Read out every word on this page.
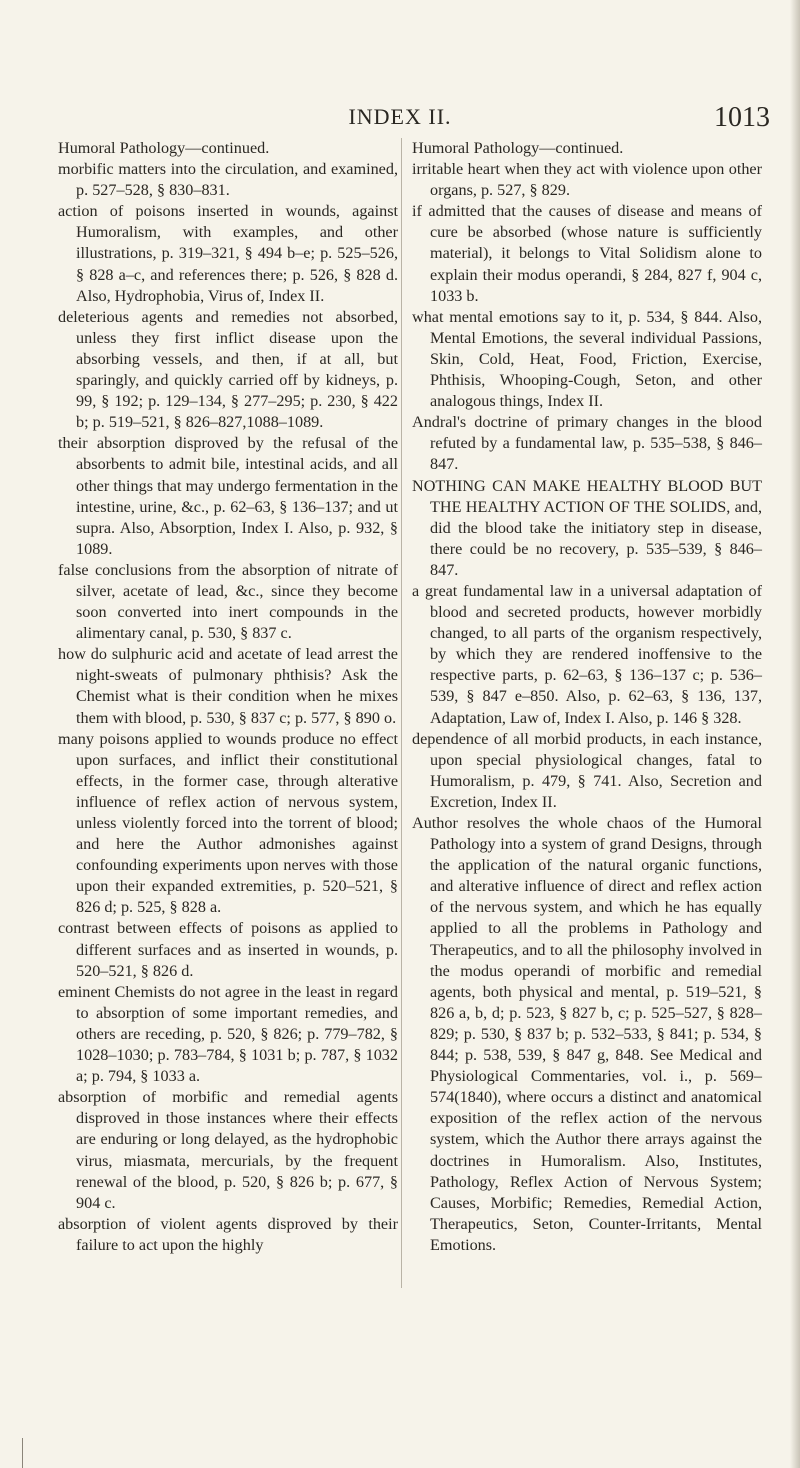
INDEX II.	1013

Humoral Pathology—continued.

morbific matters into the circulation, and examined, p. 527–528, § 830–831.

action of poisons inserted in wounds, against Humoralism, with examples, and other illustrations, p. 319–321, § 494 b–e; p. 525–526, § 828 a–c, and references there; p. 526, § 828 d. Also, Hydrophobia, Virus of, Index II.

deleterious agents and remedies not absorbed, unless they first inflict disease upon the absorbing vessels, and then, if at all, but sparingly, and quickly carried off by kidneys, p. 99, § 192; p. 129–134, § 277–295; p. 230, § 422 b; p. 519–521, § 826–827,1088–1089.

their absorption disproved by the refusal of the absorbents to admit bile, intestinal acids, and all other things that may undergo fermentation in the intestine, urine, &c., p. 62–63, § 136–137; and ut supra. Also, Absorption, Index I. Also, p. 932, § 1089.

false conclusions from the absorption of nitrate of silver, acetate of lead, &c., since they become soon converted into inert compounds in the alimentary canal, p. 530, § 837 c.

how do sulphuric acid and acetate of lead arrest the night-sweats of pulmonary phthisis? Ask the Chemist what is their condition when he mixes them with blood, p. 530, § 837 c; p. 577, § 890 o.

many poisons applied to wounds produce no effect upon surfaces, and inflict their constitutional effects, in the former case, through alterative influence of reflex action of nervous system, unless violently forced into the torrent of blood; and here the Author admonishes against confounding experiments upon nerves with those upon their expanded extremities, p. 520–521, § 826 d; p. 525, § 828 a.

contrast between effects of poisons as applied to different surfaces and as inserted in wounds, p. 520–521, § 826 d.

eminent Chemists do not agree in the least in regard to absorption of some important remedies, and others are receding, p. 520, § 826; p. 779–782, § 1028–1030; p. 783–784, § 1031 b; p. 787, § 1032 a; p. 794, § 1033 a.

absorption of morbific and remedial agents disproved in those instances where their effects are enduring or long delayed, as the hydrophobic virus, miasmata, mercurials, by the frequent renewal of the blood, p. 520, § 826 b; p. 677, § 904 c.

absorption of violent agents disproved by their failure to act upon the highly

Humoral Pathology—continued.

irritable heart when they act with violence upon other organs, p. 527, § 829.

if admitted that the causes of disease and means of cure be absorbed (whose nature is sufficiently material), it belongs to Vital Solidism alone to explain their modus operandi, § 284, 827 f, 904 c, 1033 b.

what mental emotions say to it, p. 534, § 844. Also, Mental Emotions, the several individual Passions, Skin, Cold, Heat, Food, Friction, Exercise, Phthisis, Whooping-Cough, Seton, and other analogous things, Index II.

Andral's doctrine of primary changes in the blood refuted by a fundamental law, p. 535–538, § 846–847.

NOTHING CAN MAKE HEALTHY BLOOD BUT THE HEALTHY ACTION OF THE SOLIDS, and, did the blood take the initiatory step in disease, there could be no recovery, p. 535–539, § 846–847.

a great fundamental law in a universal adaptation of blood and secreted products, however morbidly changed, to all parts of the organism respectively, by which they are rendered inoffensive to the respective parts, p. 62–63, § 136–137 c; p. 536–539, § 847 e–850. Also, p. 62–63, § 136, 137, Adaptation, Law of, Index I. Also, p. 146 § 328.

dependence of all morbid products, in each instance, upon special physiological changes, fatal to Humoralism, p. 479, § 741. Also, Secretion and Excretion, Index II.

Author resolves the whole chaos of the Humoral Pathology into a system of grand Designs, through the application of the natural organic functions, and alterative influence of direct and reflex action of the nervous system, and which he has equally applied to all the problems in Pathology and Therapeutics, and to all the philosophy involved in the modus operandi of morbific and remedial agents, both physical and mental, p. 519–521, § 826 a, b, d; p. 523, § 827 b, c; p. 525–527, § 828–829; p. 530, § 837 b; p. 532–533, § 841; p. 534, § 844; p. 538, 539, § 847 g, 848. See Medical and Physiological Commentaries, vol. i., p. 569–574(1840), where occurs a distinct and anatomical exposition of the reflex action of the nervous system, which the Author there arrays against the doctrines in Humoralism. Also, Institutes, Pathology, Reflex Action of Nervous System; Causes, Morbific; Remedies, Remedial Action, Therapeutics, Seton, Counter-Irritants, Mental Emotions.
